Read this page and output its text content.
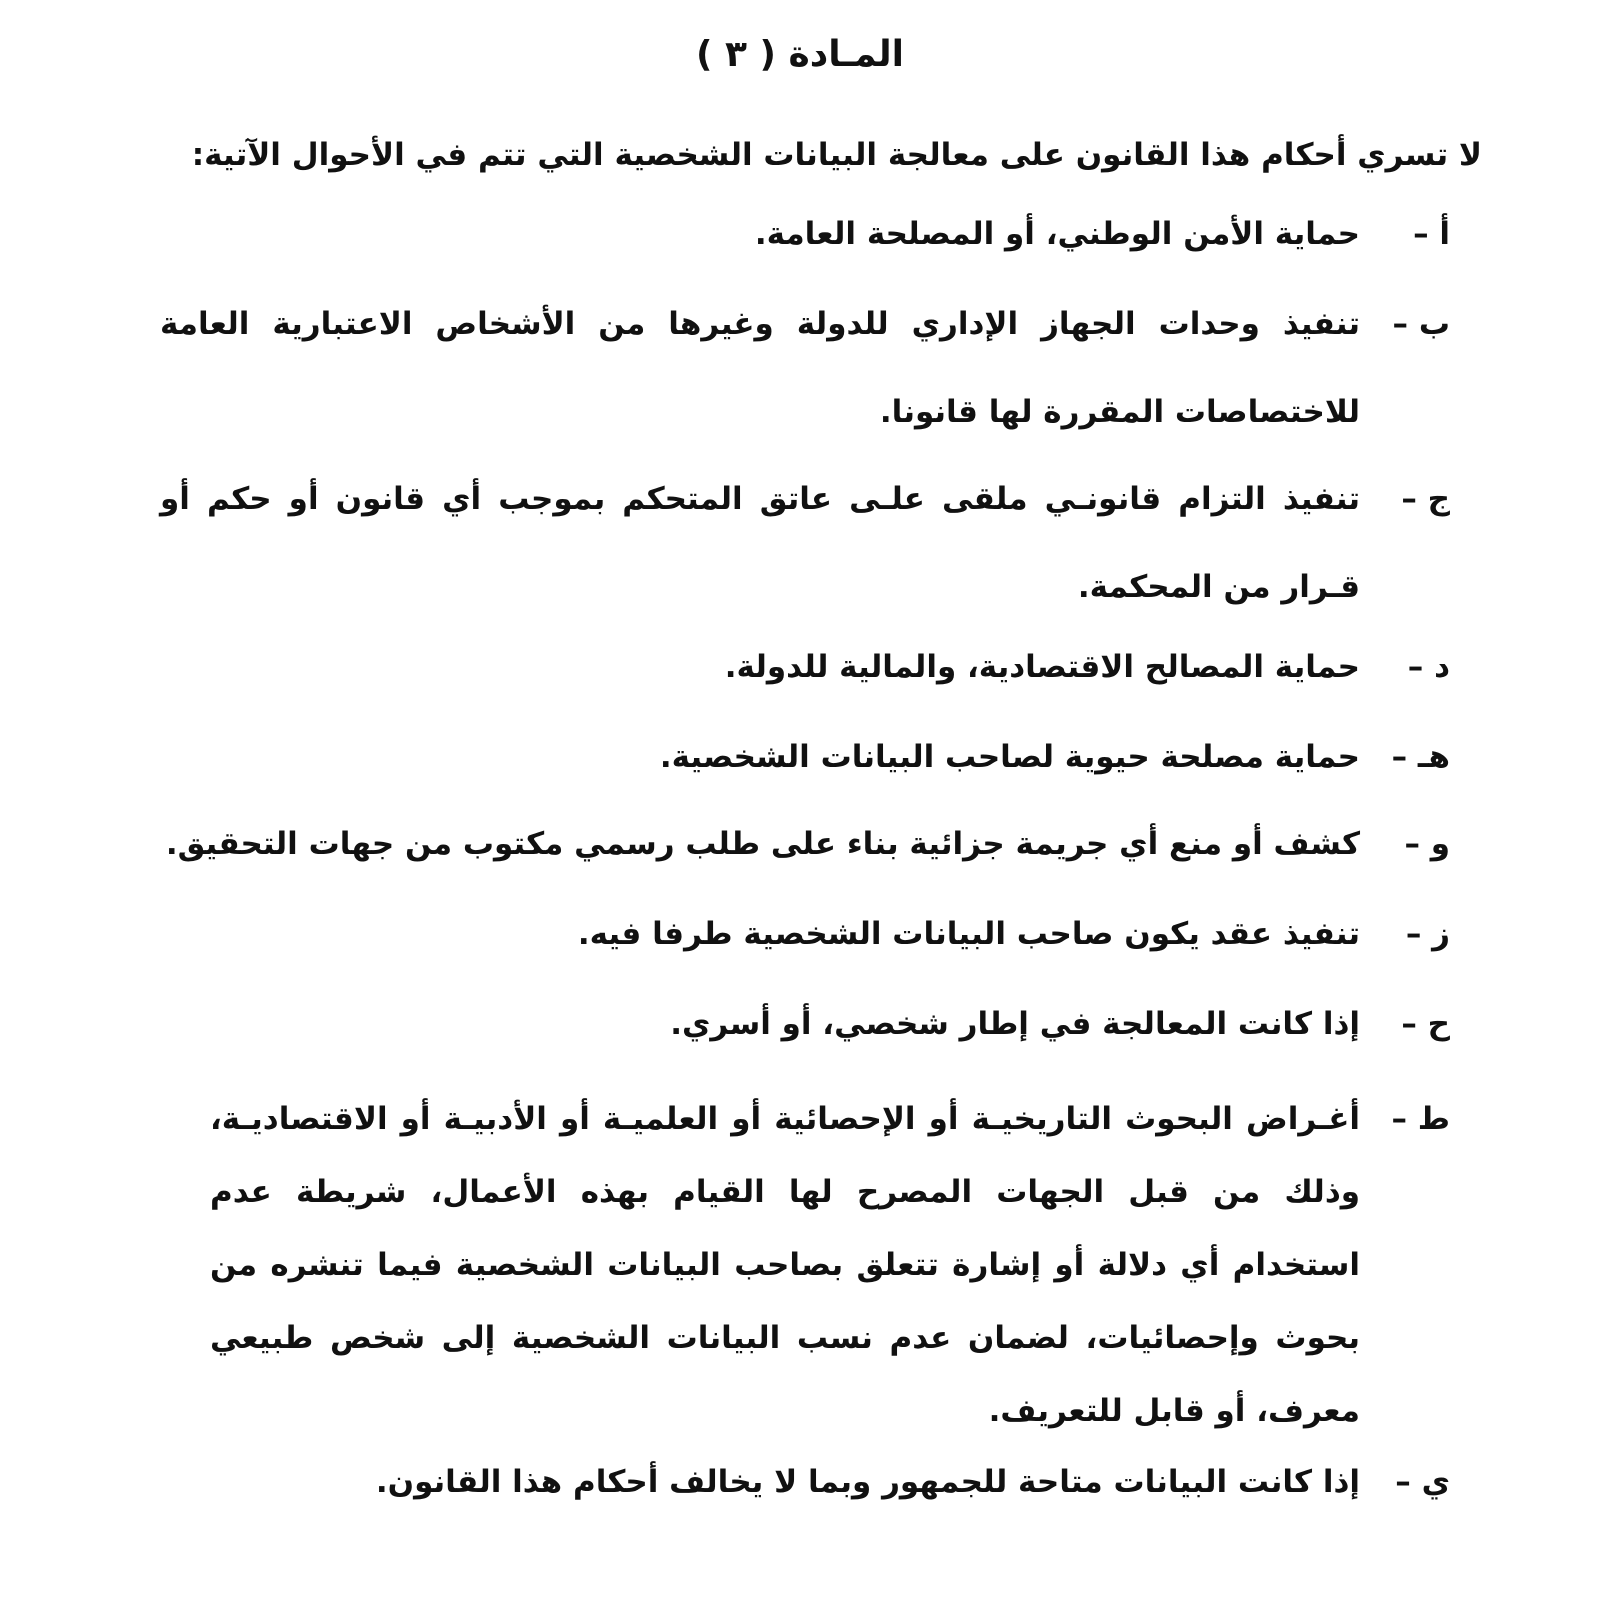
المـادة ( ٣ )

لا تسري أحكام هذا القانون على معالجة البيانات الشخصية التي تتم في الأحوال الآتية:

أ –
حماية الأمن الوطني، أو المصلحة العامة.
ب –
تنفيذ وحدات الجهاز الإداري للدولة وغيرها من الأشخاص الاعتبارية العامة للاختصاصات المقررة لها قانونا.
ج –
تنفيذ التزام قانونـي ملقى علـى عاتق المتحكم بموجب أي قانون أو حكم أو قـرار من المحكمة.
د –
حماية المصالح الاقتصادية، والمالية للدولة.
هـ –
حماية مصلحة حيوية لصاحب البيانات الشخصية.
و –
كشف أو منع أي جريمة جزائية بناء على طلب رسمي مكتوب من جهات التحقيق.
ز –
تنفيذ عقد يكون صاحب البيانات الشخصية طرفا فيه.
ح –
إذا كانت المعالجة في إطار شخصي، أو أسري.
ط –
أغـراض البحوث التاريخيـة أو الإحصائية أو العلميـة أو الأدبيـة أو الاقتصاديـة، وذلك من قبل الجهات المصرح لها القيام بهذه الأعمال، شريطة عدم استخدام أي دلالة أو إشارة تتعلق بصاحب البيانات الشخصية فيما تنشره من بحوث وإحصائيات، لضمان عدم نسب البيانات الشخصية إلى شخص طبيعي معرف، أو قابل للتعريف.
ي –
إذا كانت البيانات متاحة للجمهور وبما لا يخالف أحكام هذا القانون.
